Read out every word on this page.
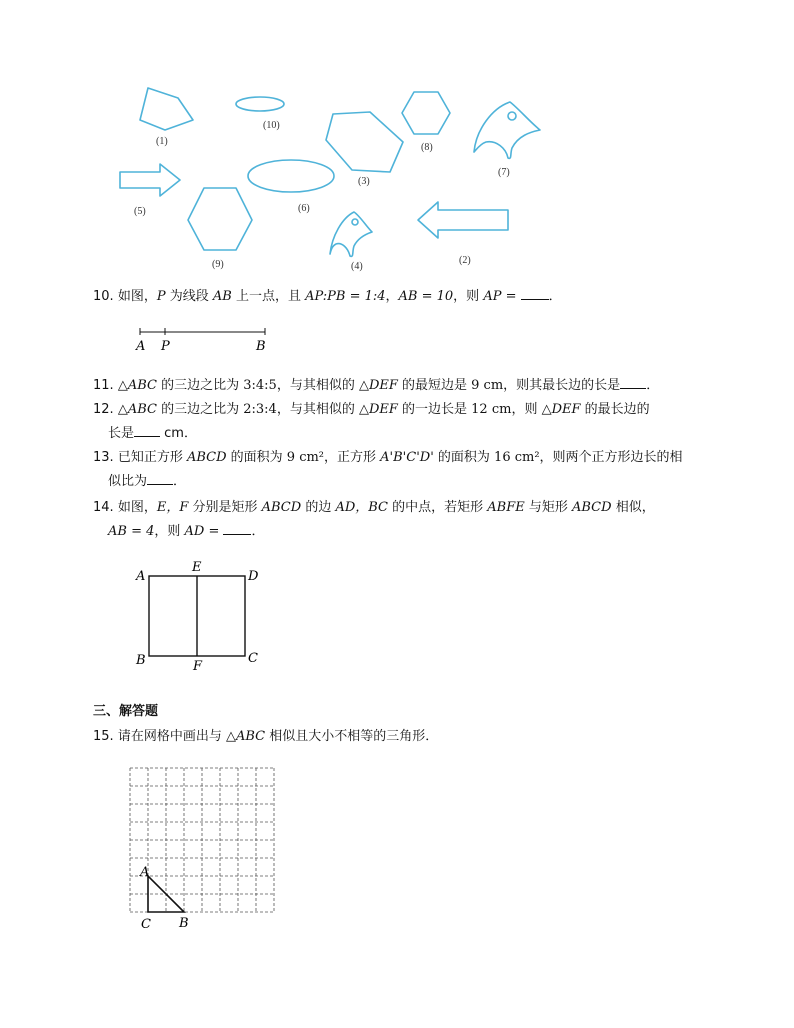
(1)
(10)
(8)
(7)
(3)
(6)
(5)
(9)	(4)
(2)
10. 如图，P 为线段 AB 上一点，且 AP:PB = 1:4，AB = 10，则 AP = ．
A P	B
11. △ABC 的三边之比为 3:4:5，与其相似的 △DEF 的最短边是 9 cm，则其最长边的长是 ．
12. △ABC 的三边之比为 2:3:4，与其相似的 △DEF 的一边长是 12 cm，则 △DEF 的最长边的
长是 cm．
13. 已知正方形 ABCD 的面积为 9 cm²，正方形 A'B'C'D' 的面积为 16 cm²，则两个正方形边长的相
似比为 ．
14. 如图，E，F 分别是矩形 ABCD 的边 AD，BC 的中点，若矩形 ABFE 与矩形 ABCD 相似，
AB = 4，则 AD = ．
A
E
D
B	F
C
三、解答题
15. 请在网格中画出与 △ABC 相似且大小不相等的三角形．
A
C B
